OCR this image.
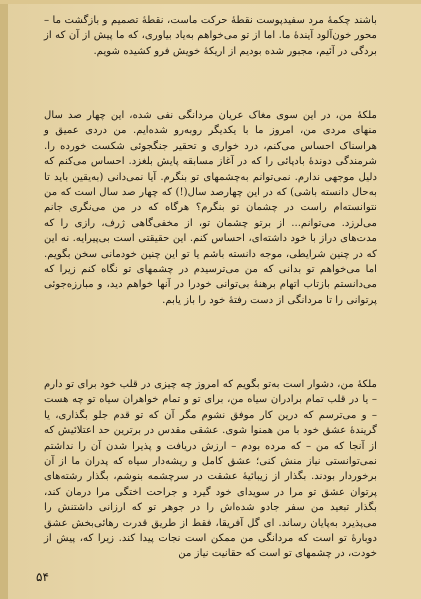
باشند چکمهٔ مرد سفیدپوست نقطهٔ حرکت ماست، نقطهٔ تصمیم و بازگشت ما – محور خون‌آلود آیندهٔ ما. اما از تو می‌خواهم به‌یاد بیاوری، که ما پیش از آن که از بردگی در آئیم، مجبور شده بودیم از اریکهٔ خویش فرو کشیده شویم.

ملکهٔ من، در این سوی مغاک عریان مردانگی نفی شده، این چهار صد سال منهای مردی من، امروز ما با یکدیگر روبه‌رو شده‌ایم. من دردی عمیق و هراسناک احساس می‌کنم، درد خواری و تحقیر جنگجوئی شکست خورده را. شرمندگی دوندهٔ بادپائی را که در آغاز مسابقه پایش بلغزد. احساس می‌کنم که دلیل موجهی ندارم. نمی‌توانم به‌چشمهای تو بنگرم. آیا نمی‌دانی (به‌یقین باید تا به‌حال دانسته باشی) که در این چهارصد سال(!) که چهار صد سال است که من نتوانسته‌ام راست در چشمان تو بنگرم؟ هرگاه که در من می‌نگری جانم می‌لرزد. می‌توانم... از برتو چشمان تو، از مخفی‌گاهی ژرف، رازی را که مدت‌های دراز با خود داشته‌ای، احساس کنم. این حقیقتی است بی‌پیرایه. نه این که در چنین شرایطی، موجه دانسته باشم یا تو این چنین خودمانی سخن بگویم. اما می‌خواهم تو بدانی که من می‌ترسیدم در چشمهای تو نگاه کنم زیرا که می‌دانستم بازتاب اتهام برهنهٔ بی‌توانی خودرا در آنها خواهم دید، و مبارزه‌جوئی پرتوانی را تا مردانگی از دست رفتهٔ خود را باز یابم.

ملکهٔ من، دشوار است به‌تو بگویم که امروز چه چیزی در قلب خود برای تو دارم – یا در قلب تمام برادران سیاه من، برای تو و تمام خواهران سیاه تو چه هست – و می‌ترسم که درین کار موفق نشوم مگر آن که تو قدم جلو بگذاری، یا گریندهٔ عشق خود با من همنوا شوی. عشقی مقدس در برترین حد اعتلائیش که از آنجا که من – که مرده بودم – ارزش دریافت و پذیرا شدن آن را نداشتم نمی‌توانستی نیاز منش کنی؛ عشق کامل و ریشه‌دار سیاه که پدران ما از آن برخوردار بودند. بگذار از زیبائیهٔ عشقت در سرچشمه بنوشم، بگذار رشته‌های پرتوان عشق تو مرا در سویدای خود گیرد و جراحت اختگی مرا درمان کند، بگذار تبعید من سفر جادو شده‌اش را در جوهر تو که ارزانی داشتنش را می‌پذیرد به‌پایان رساند. ای گل آفریقا، فقط از طریق قدرت رهائی‌بخش عشق دوبارهٔ تو است که مردانگی من ممکن است نجات پیدا کند. زیرا که، پیش از خودت، در چشمهای تو است که حقانیت نیاز من

۵۴
